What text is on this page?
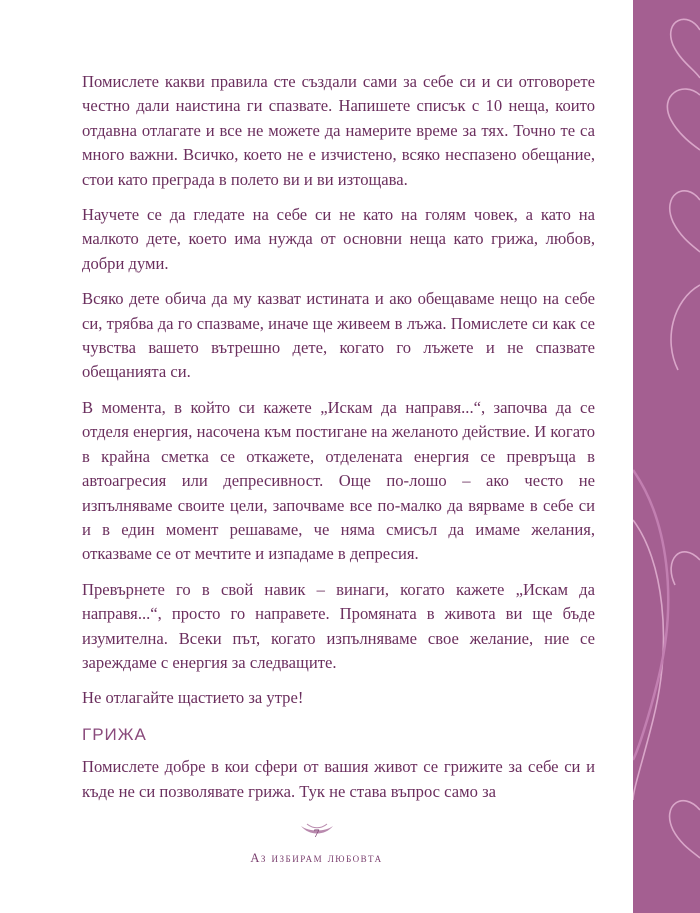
Помислете какви правила сте създали сами за себе си и си отговорете честно дали наистина ги спазвате. Напишете списък с 10 неща, които отдавна отлагате и все не можете да намерите време за тях. Точно те са много важни. Всичко, което не е изчистено, всяко неспазено обещание, стои като преграда в полето ви и ви изтощава.

Научете се да гледате на себе си не като на голям човек, а като на малкото дете, което има нужда от основни неща като грижа, любов, добри думи.

Всяко дете обича да му казват истината и ако обещаваме нещо на себе си, трябва да го спазваме, иначе ще живеем в лъжа. Помислете си как се чувства вашето вътрешно дете, когато го лъжете и не спазвате обещанията си.

В момента, в който си кажете „Искам да направя...“, започва да се отделя енергия, насочена към постигане на желаното действие. И когато в крайна сметка се откажете, отделената енергия се превръща в автоагресия или депресивност. Още по-лошо – ако често не изпълняваме своите цели, започваме все по-малко да вярваме в себе си и в един момент решаваме, че няма смисъл да имаме желания, отказваме се от мечтите и изпадаме в депресия.

Превърнете го в свой навик – винаги, когато кажете „Искам да направя...“, просто го направете. Промяната в живота ви ще бъде изумителна. Всеки път, когато изпълняваме свое желание, ние се зареждаме с енергия за следващите.

Не отлагайте щастието за утре!

ГРИЖА

Помислете добре в кои сфери от вашия живот се грижите за себе си и къде не си позволявате грижа. Тук не става въпрос само за

7
Аз избирам любовта
